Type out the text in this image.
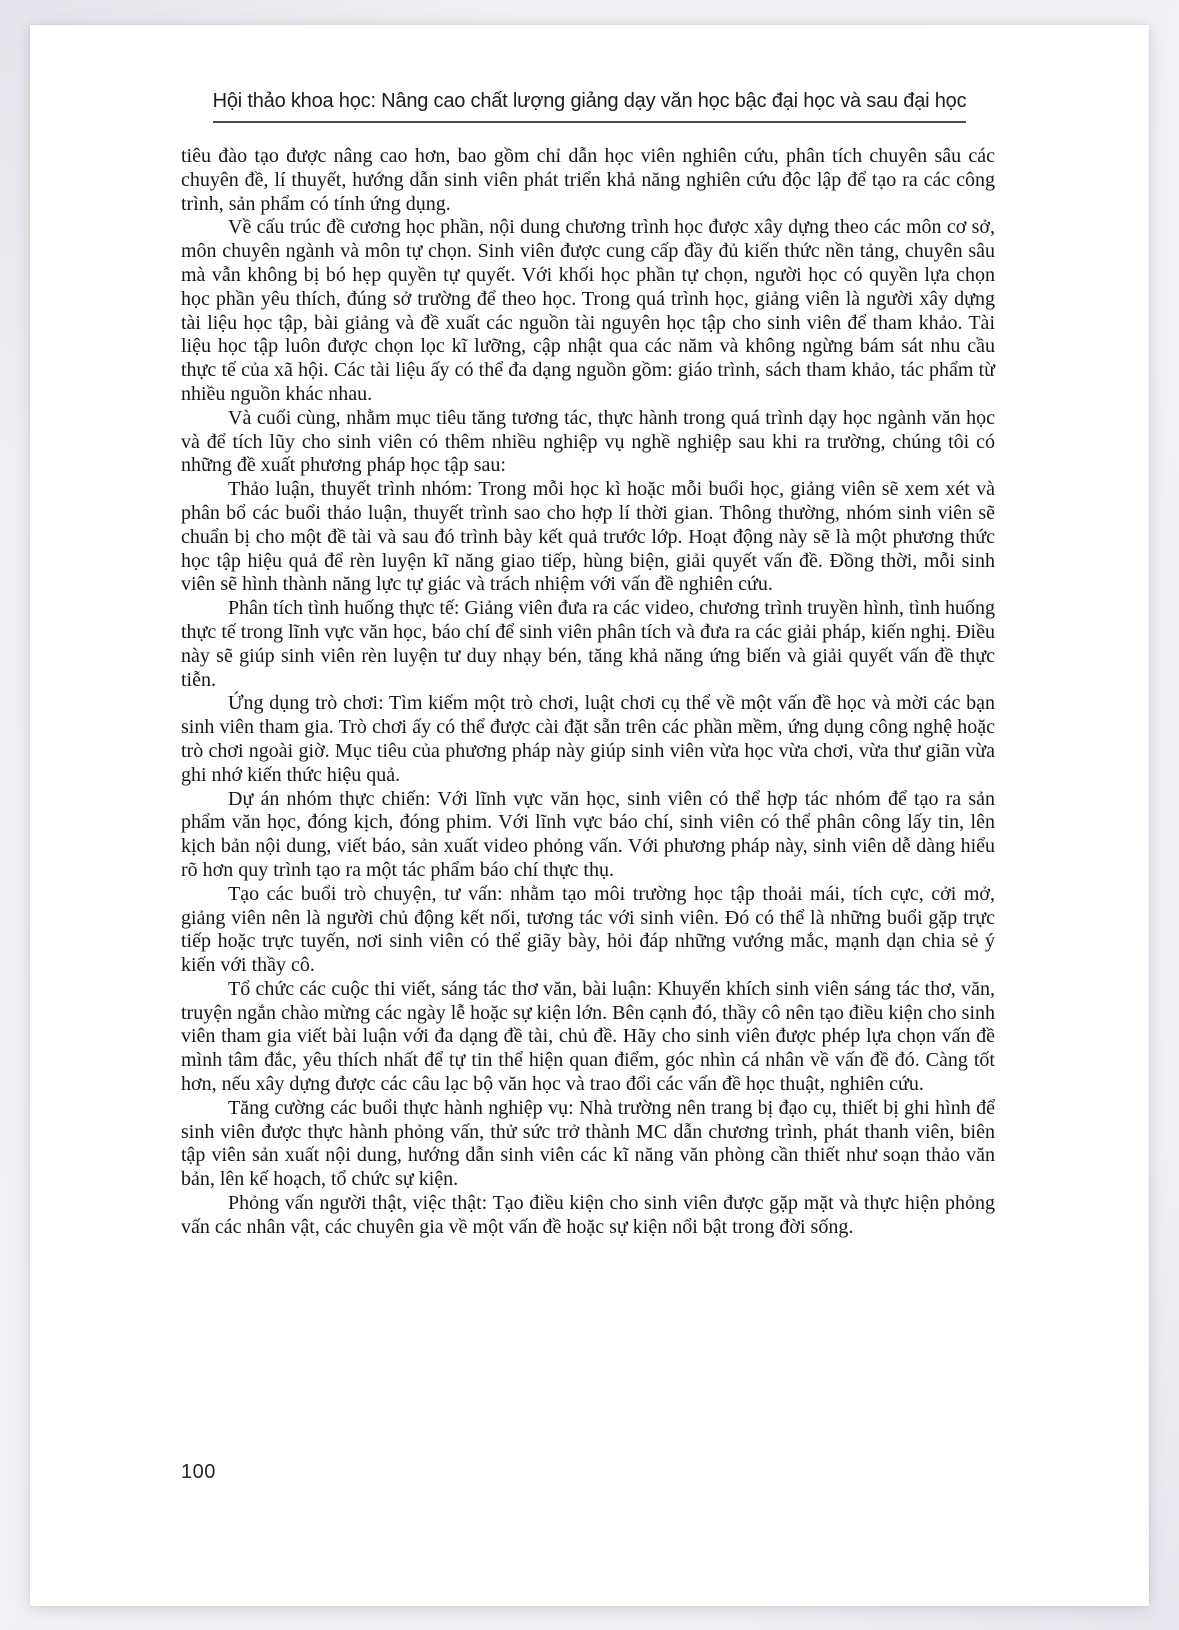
Hội thảo khoa học: Nâng cao chất lượng giảng dạy văn học bậc đại học và sau đại học

tiêu đào tạo được nâng cao hơn, bao gồm chỉ dẫn học viên nghiên cứu, phân tích chuyên sâu các chuyên đề, lí thuyết, hướng dẫn sinh viên phát triển khả năng nghiên cứu độc lập để tạo ra các công trình, sản phẩm có tính ứng dụng.

Về cấu trúc đề cương học phần, nội dung chương trình học được xây dựng theo các môn cơ sở, môn chuyên ngành và môn tự chọn. Sinh viên được cung cấp đầy đủ kiến thức nền tảng, chuyên sâu mà vẫn không bị bó hẹp quyền tự quyết. Với khối học phần tự chọn, người học có quyền lựa chọn học phần yêu thích, đúng sở trường để theo học. Trong quá trình học, giảng viên là người xây dựng tài liệu học tập, bài giảng và đề xuất các nguồn tài nguyên học tập cho sinh viên để tham khảo. Tài liệu học tập luôn được chọn lọc kĩ lưỡng, cập nhật qua các năm và không ngừng bám sát nhu cầu thực tế của xã hội. Các tài liệu ấy có thể đa dạng nguồn gồm: giáo trình, sách tham khảo, tác phẩm từ nhiều nguồn khác nhau.

Và cuối cùng, nhằm mục tiêu tăng tương tác, thực hành trong quá trình dạy học ngành văn học và để tích lũy cho sinh viên có thêm nhiều nghiệp vụ nghề nghiệp sau khi ra trường, chúng tôi có những đề xuất phương pháp học tập sau:

Thảo luận, thuyết trình nhóm: Trong mỗi học kì hoặc mỗi buổi học, giảng viên sẽ xem xét và phân bổ các buổi thảo luận, thuyết trình sao cho hợp lí thời gian. Thông thường, nhóm sinh viên sẽ chuẩn bị cho một đề tài và sau đó trình bày kết quả trước lớp. Hoạt động này sẽ là một phương thức học tập hiệu quả để rèn luyện kĩ năng giao tiếp, hùng biện, giải quyết vấn đề. Đồng thời, mỗi sinh viên sẽ hình thành năng lực tự giác và trách nhiệm với vấn đề nghiên cứu.

Phân tích tình huống thực tế: Giảng viên đưa ra các video, chương trình truyền hình, tình huống thực tế trong lĩnh vực văn học, báo chí để sinh viên phân tích và đưa ra các giải pháp, kiến nghị. Điều này sẽ giúp sinh viên rèn luyện tư duy nhạy bén, tăng khả năng ứng biến và giải quyết vấn đề thực tiễn.

Ứng dụng trò chơi: Tìm kiếm một trò chơi, luật chơi cụ thể về một vấn đề học và mời các bạn sinh viên tham gia. Trò chơi ấy có thể được cài đặt sẵn trên các phần mềm, ứng dụng công nghệ hoặc trò chơi ngoài giờ. Mục tiêu của phương pháp này giúp sinh viên vừa học vừa chơi, vừa thư giãn vừa ghi nhớ kiến thức hiệu quả.

Dự án nhóm thực chiến: Với lĩnh vực văn học, sinh viên có thể hợp tác nhóm để tạo ra sản phẩm văn học, đóng kịch, đóng phim. Với lĩnh vực báo chí, sinh viên có thể phân công lấy tin, lên kịch bản nội dung, viết báo, sản xuất video phỏng vấn. Với phương pháp này, sinh viên dễ dàng hiểu rõ hơn quy trình tạo ra một tác phẩm báo chí thực thụ.

Tạo các buổi trò chuyện, tư vấn: nhằm tạo môi trường học tập thoải mái, tích cực, cởi mở, giảng viên nên là người chủ động kết nối, tương tác với sinh viên. Đó có thể là những buổi gặp trực tiếp hoặc trực tuyến, nơi sinh viên có thể giãy bày, hỏi đáp những vướng mắc, mạnh dạn chia sẻ ý kiến với thầy cô.

Tổ chức các cuộc thi viết, sáng tác thơ văn, bài luận: Khuyến khích sinh viên sáng tác thơ, văn, truyện ngắn chào mừng các ngày lễ hoặc sự kiện lớn. Bên cạnh đó, thầy cô nên tạo điều kiện cho sinh viên tham gia viết bài luận với đa dạng đề tài, chủ đề. Hãy cho sinh viên được phép lựa chọn vấn đề mình tâm đắc, yêu thích nhất để tự tin thể hiện quan điểm, góc nhìn cá nhân về vấn đề đó. Càng tốt hơn, nếu xây dựng được các câu lạc bộ văn học và trao đổi các vấn đề học thuật, nghiên cứu.

Tăng cường các buổi thực hành nghiệp vụ: Nhà trường nên trang bị đạo cụ, thiết bị ghi hình để sinh viên được thực hành phỏng vấn, thử sức trở thành MC dẫn chương trình, phát thanh viên, biên tập viên sản xuất nội dung, hướng dẫn sinh viên các kĩ năng văn phòng cần thiết như soạn thảo văn bản, lên kế hoạch, tổ chức sự kiện.

Phỏng vấn người thật, việc thật: Tạo điều kiện cho sinh viên được gặp mặt và thực hiện phỏng vấn các nhân vật, các chuyên gia về một vấn đề hoặc sự kiện nổi bật trong đời sống.

100
